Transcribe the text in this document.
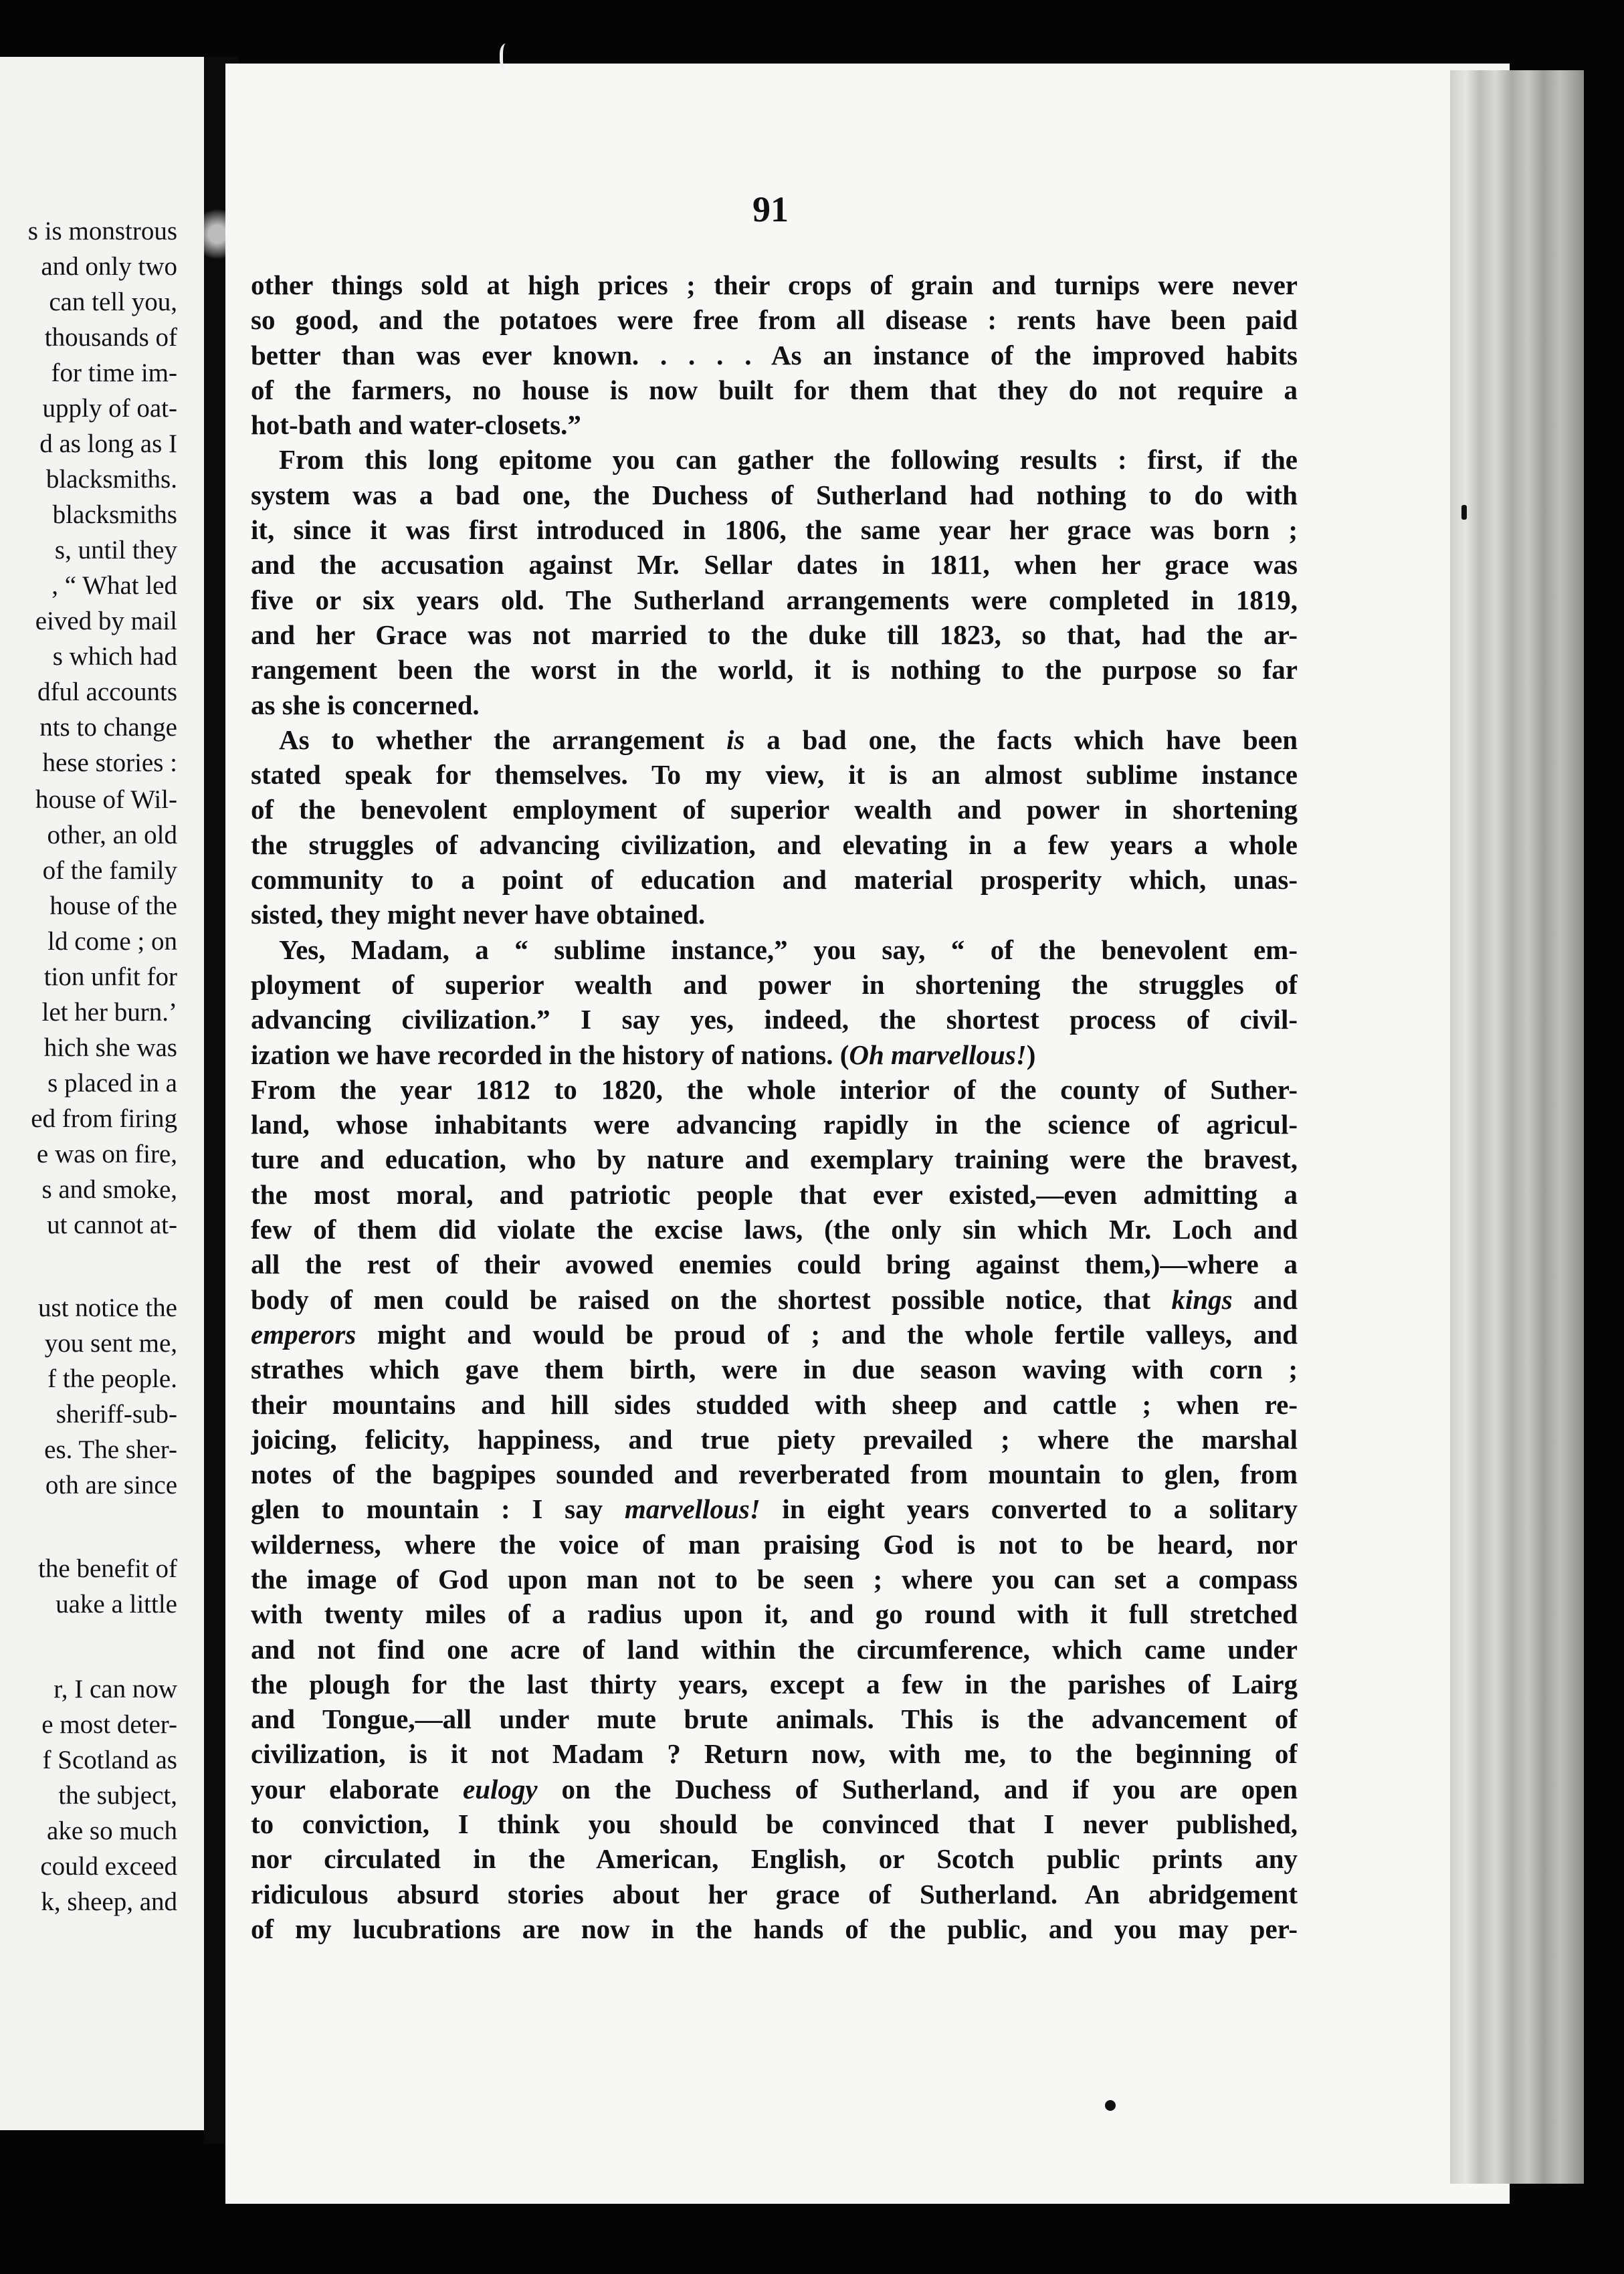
s is monstrous

and only two

can tell you,

thousands of

for time im-

upply of oat-

d as long as I

blacksmiths.

blacksmiths

s, until they

, “ What led

eived by mail

s which had

dful accounts

nts to change

hese stories :

house of Wil-

other, an old

of the family

house of the

ld come ; on

tion unfit for

let her burn.’

hich she was

s placed in a

ed from firing

e was on fire,

s and smoke,

ut cannot at-

ust notice the

you sent me,

f the people.

sheriff-sub-

es. The sher-

oth are since

the benefit of

uake a little

r, I can now

e most deter-

f Scotland as

the subject,

ake so much

could exceed

k, sheep, and

91

other things sold at high prices ; their crops of grain and turnips were never

so good, and the potatoes were free from all disease : rents have been paid

better than was ever known. . . . . As an instance of the improved habits

of the farmers, no house is now built for them that they do not require a

hot-bath and water-closets.”

From this long epitome you can gather the following results : first, if the

system was a bad one, the Duchess of Sutherland had nothing to do with

it, since it was first introduced in 1806, the same year her grace was born ;

and the accusation against Mr. Sellar dates in 1811, when her grace was

five or six years old. The Sutherland arrangements were completed in 1819,

and her Grace was not married to the duke till 1823, so that, had the ar-

rangement been the worst in the world, it is nothing to the purpose so far

as she is concerned.

As to whether the arrangement is a bad one, the facts which have been

stated speak for themselves. To my view, it is an almost sublime instance

of the benevolent employment of superior wealth and power in shortening

the struggles of advancing civilization, and elevating in a few years a whole

community to a point of education and material prosperity which, unas-

sisted, they might never have obtained.

Yes, Madam, a “ sublime instance,” you say, “ of the benevolent em-

ployment of superior wealth and power in shortening the struggles of

advancing civilization.” I say yes, indeed, the shortest process of civil-

ization we have recorded in the history of nations. (Oh marvellous!)

From the year 1812 to 1820, the whole interior of the county of Suther-

land, whose inhabitants were advancing rapidly in the science of agricul-

ture and education, who by nature and exemplary training were the bravest,

the most moral, and patriotic people that ever existed,—even admitting a

few of them did violate the excise laws, (the only sin which Mr. Loch and

all the rest of their avowed enemies could bring against them,)—where a

body of men could be raised on the shortest possible notice, that kings and

emperors might and would be proud of ; and the whole fertile valleys, and

strathes which gave them birth, were in due season waving with corn ;

their mountains and hill sides studded with sheep and cattle ; when re-

joicing, felicity, happiness, and true piety prevailed ; where the marshal

notes of the bagpipes sounded and reverberated from mountain to glen, from

glen to mountain : I say marvellous! in eight years converted to a solitary

wilderness, where the voice of man praising God is not to be heard, nor

the image of God upon man not to be seen ; where you can set a compass

with twenty miles of a radius upon it, and go round with it full stretched

and not find one acre of land within the circumference, which came under

the plough for the last thirty years, except a few in the parishes of Lairg

and Tongue,—all under mute brute animals. This is the advancement of

civilization, is it not Madam ? Return now, with me, to the beginning of

your elaborate eulogy on the Duchess of Sutherland, and if you are open

to conviction, I think you should be convinced that I never published,

nor circulated in the American, English, or Scotch public prints any

ridiculous absurd stories about her grace of Sutherland. An abridgement

of my lucubrations are now in the hands of the public, and you may per-
